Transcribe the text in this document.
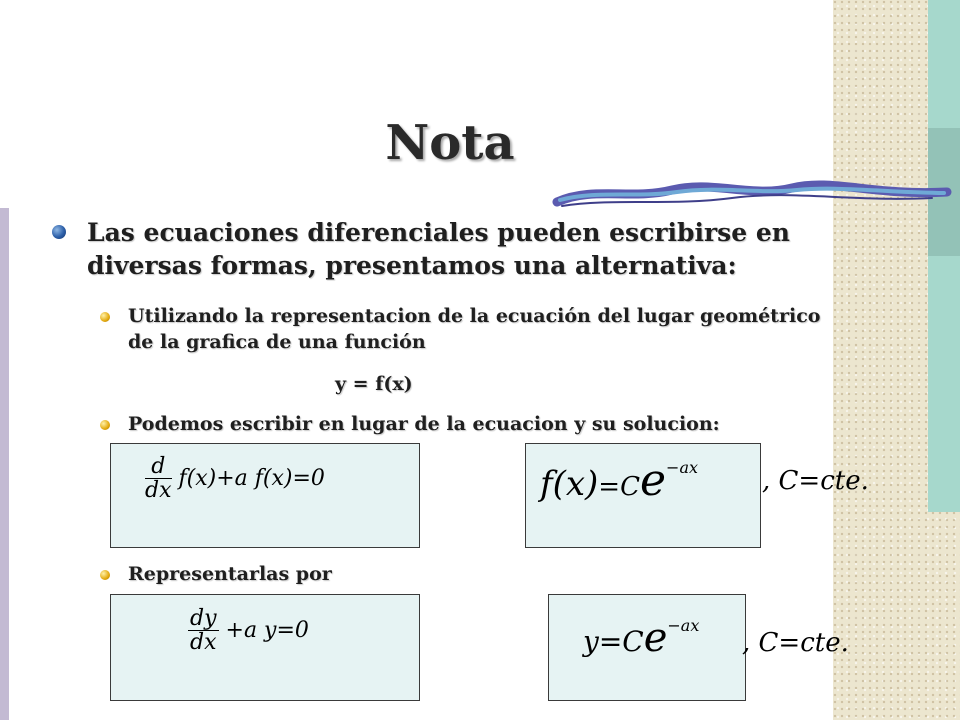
Nota
Las ecuaciones diferenciales pueden escribirse en diversas formas, presentamos una alternativa:
Utilizando la representacion de la ecuación del lugar geométrico de la grafica de una función
y = f(x)
Podemos escribir en lugar de la ecuacion y su solucion:
$\frac{d}{dx} f(x)+a$ f(x)=0	$f(x)=Ce^{-ax}$ , C=cte.
Representarlas por
$\frac{dy}{dx} +a$ y=0	$y=Ce^{-ax}$
, C=cte.
